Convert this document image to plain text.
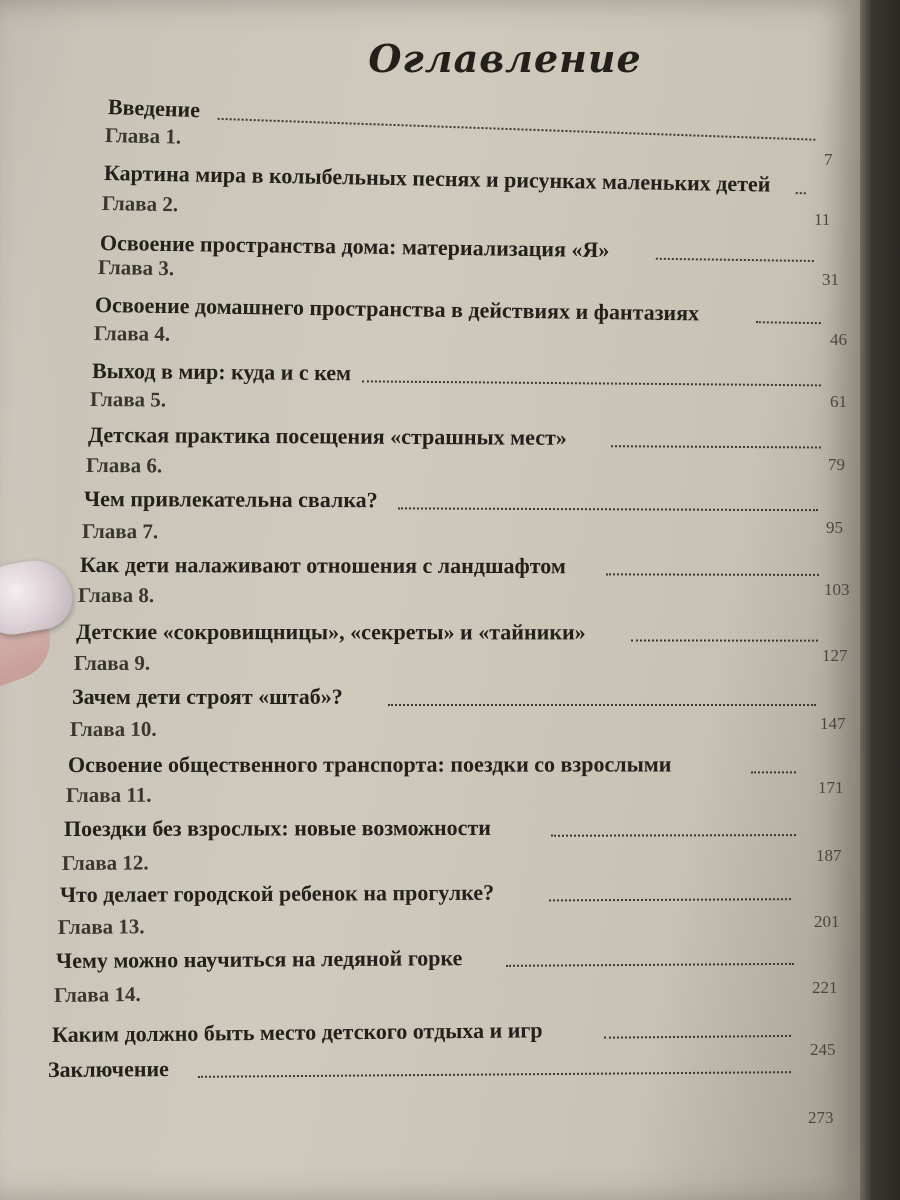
Оглавление
Введение
7
Глава 1.
Картина мира в колыбельных песнях и рисунках маленьких детей
11
Глава 2.
Освоение пространства дома: материализация «Я»
31
Глава 3.
Освоение домашнего пространства в действиях и фантазиях
46
Глава 4.
Выход в мир: куда и с кем
61
Глава 5.
Детская практика посещения «страшных мест»
79
Глава 6.
Чем привлекательна свалка?
95
Глава 7.
Как дети налаживают отношения с ландшафтом
103
Глава 8.
Детские «сокровищницы», «секреты» и «тайники»
127
Глава 9.
Зачем дети строят «штаб»?
147
Глава 10.
Освоение общественного транспорта: поездки со взрослыми
171
Глава 11.
Поездки без взрослых: новые возможности
187
Глава 12.
Что делает городской ребенок на прогулке?
201
Глава 13.
Чему можно научиться на ледяной горке
221
Глава 14.
Каким должно быть место детского отдыха и игр
245
Заключение
273
